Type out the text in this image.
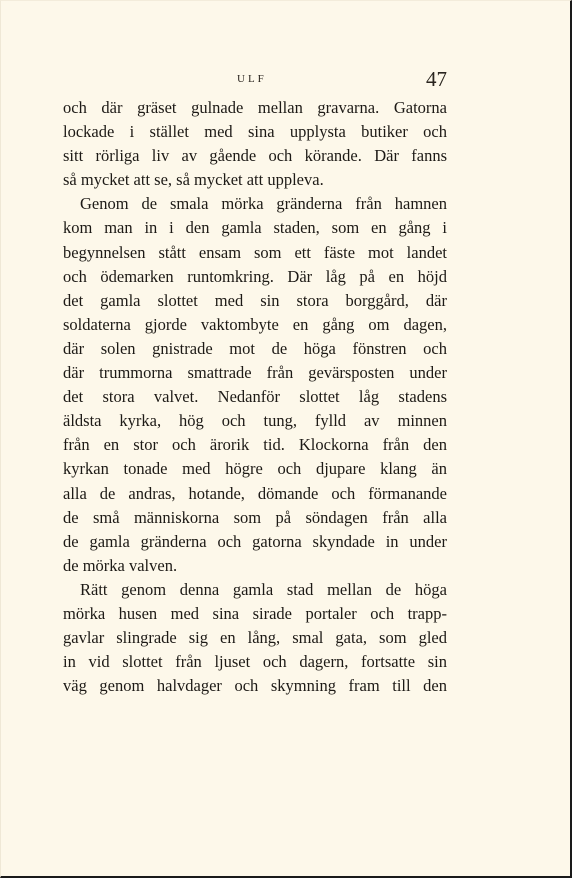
ULF	47
och där gräset gulnade mellan gravarna. Gatorna
lockade i stället med sina upplysta butiker och
sitt rörliga liv av gående och körande. Där fanns
så mycket att se, så mycket att uppleva.
Genom de smala mörka gränderna från hamnen
kom man in i den gamla staden, som en gång i
begynnelsen stått ensam som ett fäste mot landet
och ödemarken runtomkring. Där låg på en höjd
det gamla slottet med sin stora borggård, där
soldaterna gjorde vaktombyte en gång om dagen,
där solen gnistrade mot de höga fönstren och
där trummorna smattrade från gevärsposten under
det stora valvet. Nedanför slottet låg stadens
äldsta kyrka, hög och tung, fylld av minnen
från en stor och ärorik tid. Klockorna från den
kyrkan tonade med högre och djupare klang än
alla de andras, hotande, dömande och förmanande
de små människorna som på söndagen från alla
de gamla gränderna och gatorna skyndade in under
de mörka valven.
Rätt genom denna gamla stad mellan de höga
mörka husen med sina sirade portaler och trapp-
gavlar slingrade sig en lång, smal gata, som gled
in vid slottet från ljuset och dagern, fortsatte sin
väg genom halvdager och skymning fram till den
